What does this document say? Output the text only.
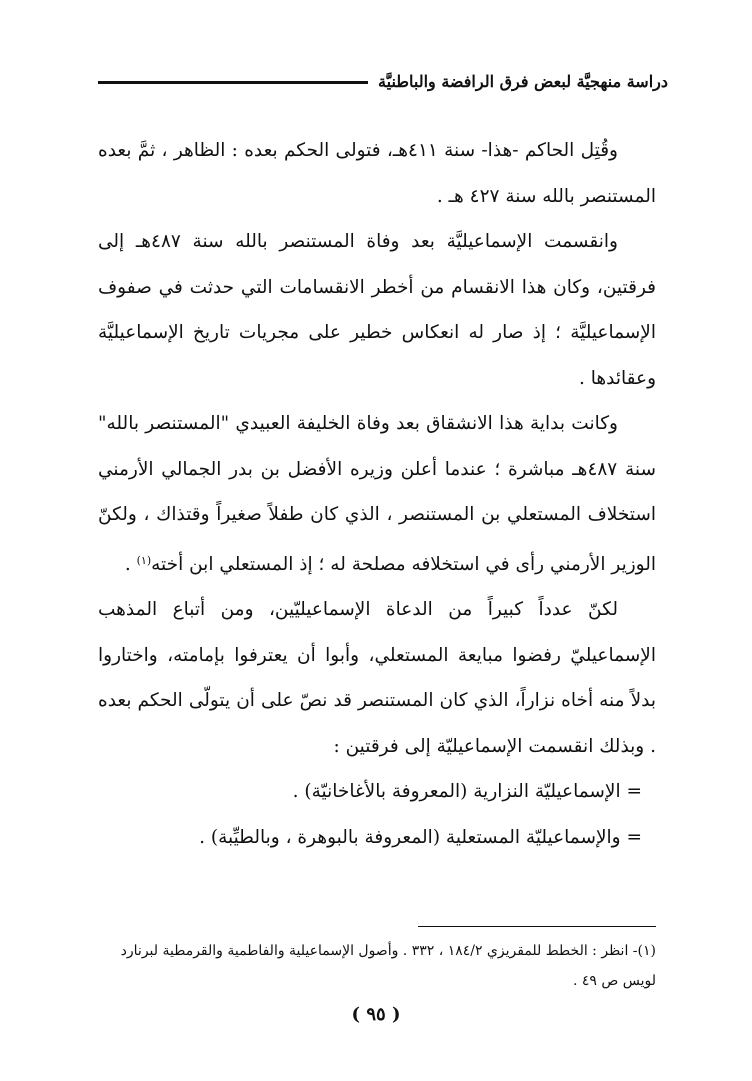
دراسة منهجيَّة لبعض فرق الرافضة والباطنيَّة

وقُتِل الحاكم -هذا- سنة ٤١١هـ، فتولى الحكم بعده : الظاهر ، ثمَّ بعده المستنصر بالله سنة ٤٢٧ هـ .

وانقسمت الإسماعيليَّة بعد وفاة المستنصر بالله سنة ٤٨٧هـ إلى فرقتين، وكان هذا الانقسام من أخطر الانقسامات التي حدثت في صفوف الإسماعيليَّة ؛ إذ صار له انعكاس خطير على مجريات تاريخ الإسماعيليَّة وعقائدها .

وكانت بداية هذا الانشقاق بعد وفاة الخليفة العبيدي "المستنصر بالله" سنة ٤٨٧هـ مباشرة ؛ عندما أعلن وزيره الأفضل بن بدر الجمالي الأرمني استخلاف المستعلي بن المستنصر ، الذي كان طفلاً صغيراً وقتذاك ، ولكنّ الوزير الأرمني رأى في استخلافه مصلحة له ؛ إذ المستعلي ابن أخته$^{(١)}$ .

لكنّ عدداً كبيراً من الدعاة الإسماعيليّين، ومن أتباع المذهب الإسماعيليّ رفضوا مبايعة المستعلي، وأبوا أن يعترفوا بإمامته، واختاروا بدلاً منه أخاه نزاراً، الذي كان المستنصر قد نصّ على أن يتولّى الحكم بعده . وبذلك انقسمت الإسماعيليّة إلى فرقتين :

= الإسماعيليّة النزارية (المعروفة بالأغاخانيّة) .

= والإسماعيليّة المستعلية (المعروفة بالبوهرة ، وبالطيِّبة) .

(١)- انظر : الخطط للمقريزي ١٨٤/٢ ، ٣٣٢ . وأصول الإسماعيلية والفاطمية والقرمطية لبرنارد

لويس ص ٤٩ .

( ٩٥ )
